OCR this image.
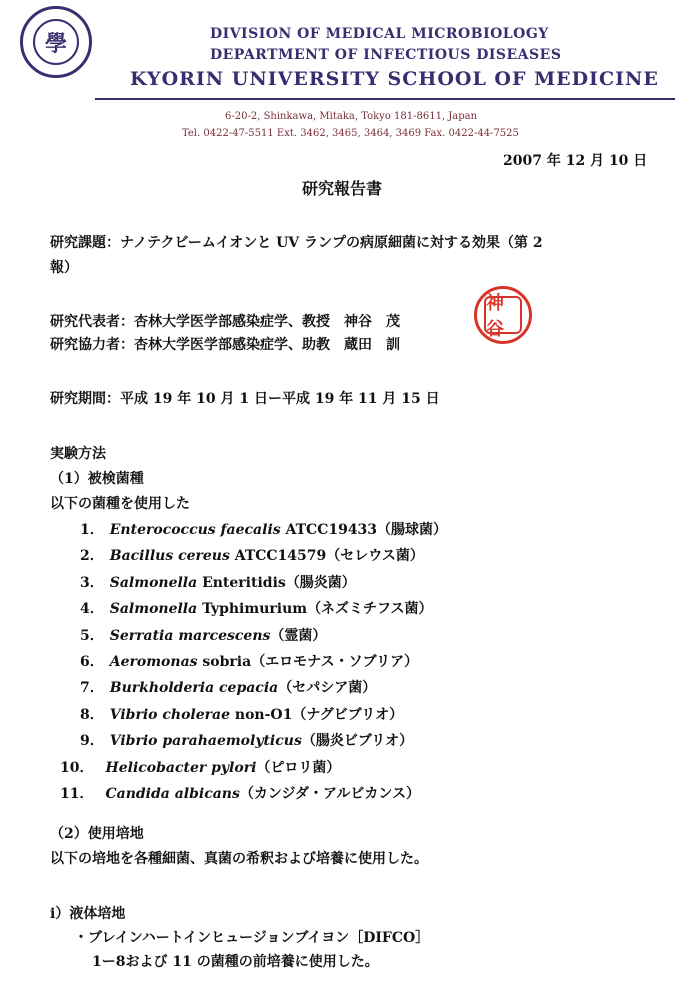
學	DIVISION OF MEDICAL MICROBIOLOGY
DEPARTMENT OF INFECTIOUS DISEASES
KYORIN UNIVERSITY SCHOOL OF MEDICINE
6-20-2, Shinkawa, Mitaka, Tokyo 181-8611, Japan
Tel. 0422-47-5511 Ext. 3462, 3465, 3464, 3469 Fax. 0422-44-7525
2007 年 12 月 10 日
研究報告書
研究課題：ナノテクビームイオンと UV ランプの病原細菌に対する効果（第 2
報）
研究代表者：杏林大学医学部感染症学、教授　神谷　茂
研究協力者：杏林大学医学部感染症学、助教　蔵田　訓
神谷
研究期間：平成 19 年 10 月 1 日ー平成 19 年 11 月 15 日
実験方法
（1）被検菌種
以下の菌種を使用した
1． Enterococcus faecalis ATCC19433（腸球菌）
2． Bacillus cereus ATCC14579（セレウス菌）
3． Salmonella Enteritidis（腸炎菌）
4． Salmonella Typhimurium（ネズミチフス菌）
5． Serratia marcescens（霊菌）
6． Aeromonas sobria（エロモナス・ソブリア）
7． Burkholderia cepacia（セパシア菌）
8． Vibrio cholerae non-O1（ナグビブリオ）
9． Vibrio parahaemolyticus（腸炎ビブリオ）
10． Helicobacter pylori（ピロリ菌）
11． Candida albicans（カンジダ・アルビカンス）
（2）使用培地
以下の培地を各種細菌、真菌の希釈および培養に使用した。
i）液体培地
・ブレインハートインヒュージョンブイヨン［DIFCO］
1ー8および 11 の菌種の前培養に使用した。
